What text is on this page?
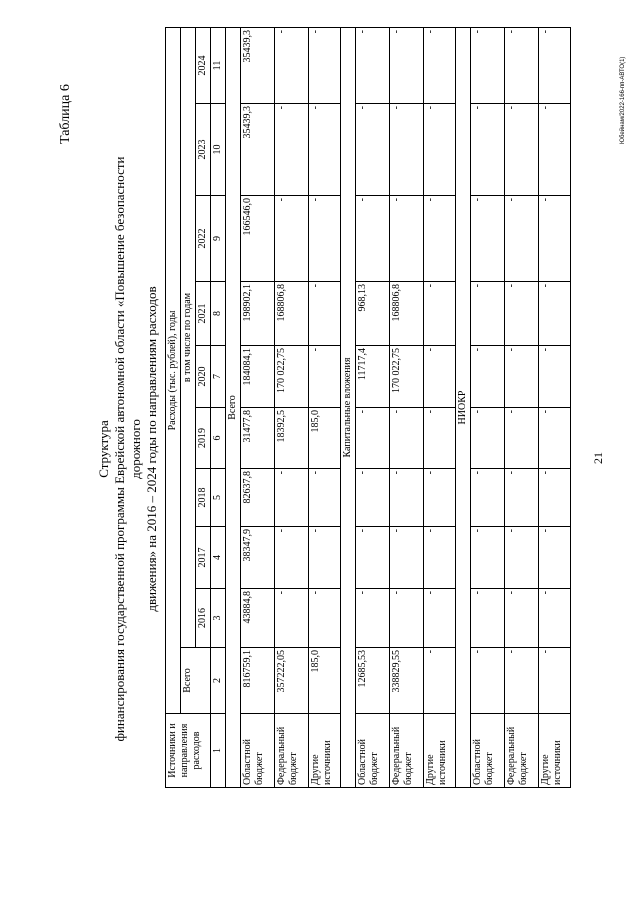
21
Таблица 6
Структура финансирования государственной программы Еврейской автономной области «Повышение безопасности дорожного движения» на 2016 – 2024 годы по направлениям расходов
Источники и направления расходов	Расходы (тыс. рублей), годы									
	Всего	в том числе по годам								
		2016	2017	2018	2019	2020	2021	2022	2023	2024
1	2	3	4	5	6	7	8	9	10	11
Всего										
Областной бюджет	816759,1	43884,8	38347,9	82637,8	31477,8	184084,1	198902,1	166546,0	35439,3	35439,3
Федеральный бюджет	357222,05	-	-	-	18392,5	170 022,75	168806,8	-	-	-
Другие источники	185,0	-	-	-	185,0	-	-	-	-	-
Капитальные вложения										
Областной бюджет	12685,53	-	-	-	-	11717,4	968,13	-	-	-
Федеральный бюджет	338829,55	-	-	-	-	170 022,75	168806,8	-	-	-
Другие источники	-	-	-	-	-	-	-	-	-	-
НИОКР										
Областной бюджет	-	-	-	-	-	-	-	-	-	-
Федеральный бюджет	-	-	-	-	-	-	-	-	-	-
Другие источники	-	-	-	-	-	-	-	-	-	-
Юбейнам/2022-166-пп-АВТО(1)
